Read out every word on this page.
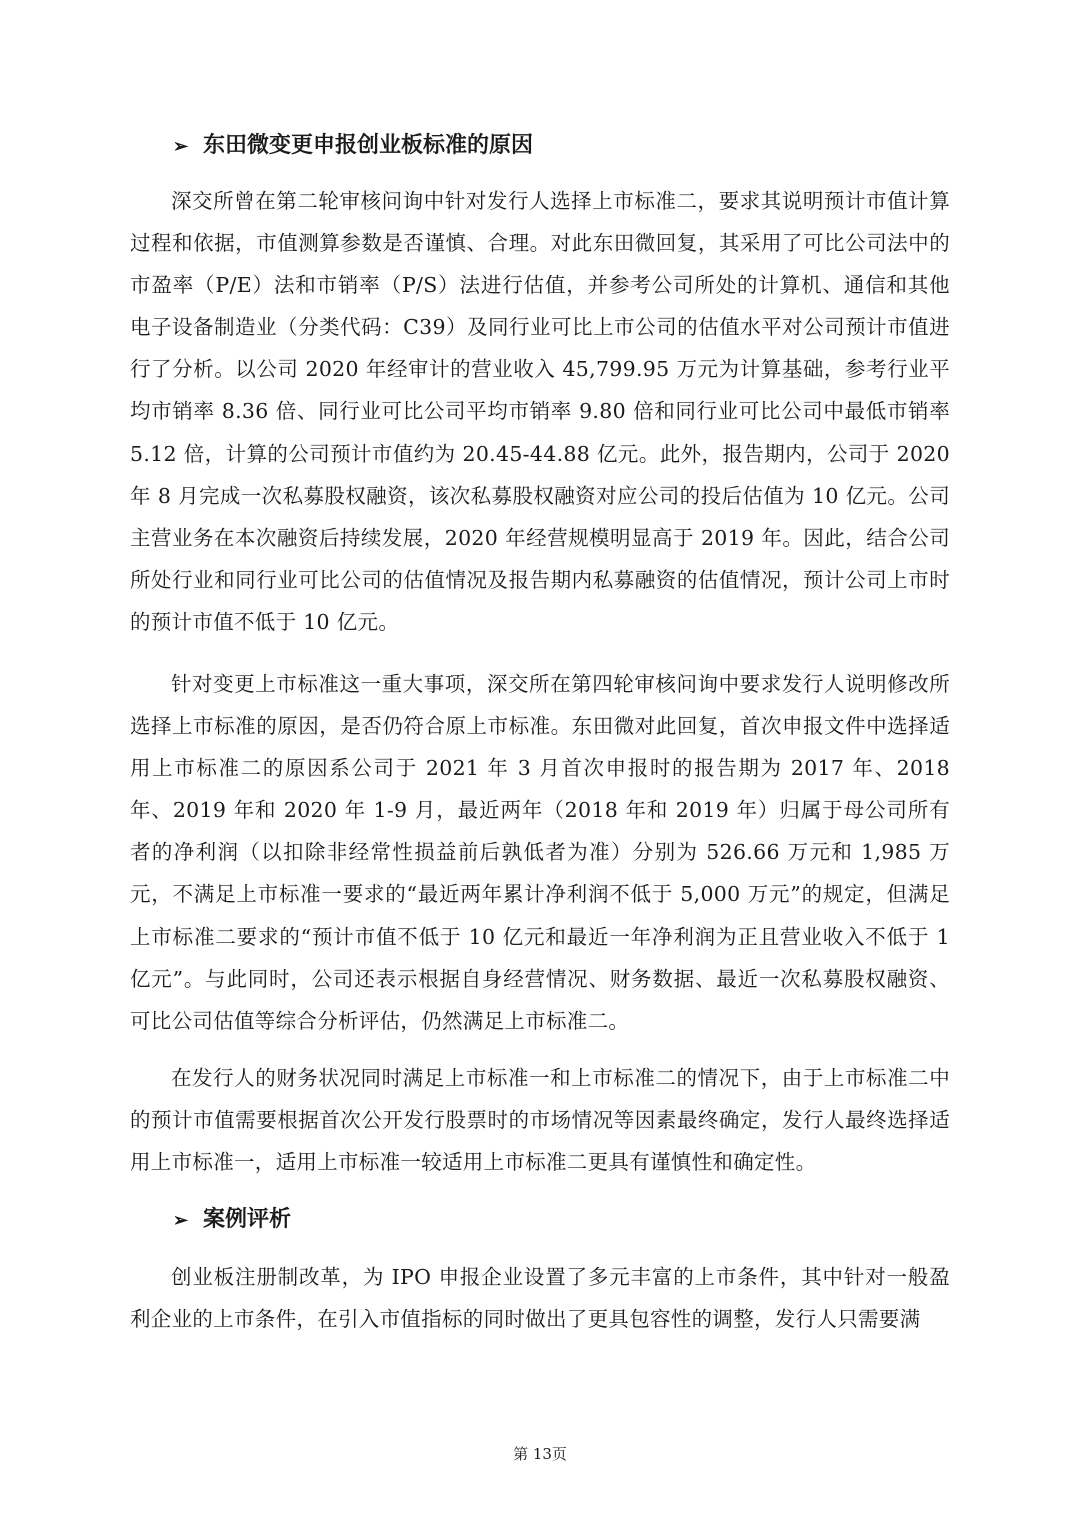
➢ 东田微变更申报创业板标准的原因

深交所曾在第二轮审核问询中针对发行人选择上市标准二，要求其说明预计市值计算过程和依据，市值测算参数是否谨慎、合理。对此东田微回复，其采用了可比公司法中的市盈率（P/E）法和市销率（P/S）法进行估值，并参考公司所处的计算机、通信和其他电子设备制造业（分类代码：C39）及同行业可比上市公司的估值水平对公司预计市值进行了分析。以公司 2020 年经审计的营业收入 45,799.95 万元为计算基础，参考行业平均市销率 8.36 倍、同行业可比公司平均市销率 9.80 倍和同行业可比公司中最低市销率 5.12 倍，计算的公司预计市值约为 20.45-44.88 亿元。此外，报告期内，公司于 2020 年 8 月完成一次私募股权融资，该次私募股权融资对应公司的投后估值为 10 亿元。公司主营业务在本次融资后持续发展，2020 年经营规模明显高于 2019 年。因此，结合公司所处行业和同行业可比公司的估值情况及报告期内私募融资的估值情况，预计公司上市时的预计市值不低于 10 亿元。

针对变更上市标准这一重大事项，深交所在第四轮审核问询中要求发行人说明修改所选择上市标准的原因，是否仍符合原上市标准。东田微对此回复，首次申报文件中选择适用上市标准二的原因系公司于 2021 年 3 月首次申报时的报告期为 2017 年、2018 年、2019 年和 2020 年 1-9 月，最近两年（2018 年和 2019 年）归属于母公司所有者的净利润（以扣除非经常性损益前后孰低者为准）分别为 526.66 万元和 1,985 万元，不满足上市标准一要求的“最近两年累计净利润不低于 5,000 万元”的规定，但满足上市标准二要求的“预计市值不低于 10 亿元和最近一年净利润为正且营业收入不低于 1 亿元”。与此同时，公司还表示根据自身经营情况、财务数据、最近一次私募股权融资、可比公司估值等综合分析评估，仍然满足上市标准二。

在发行人的财务状况同时满足上市标准一和上市标准二的情况下，由于上市标准二中的预计市值需要根据首次公开发行股票时的市场情况等因素最终确定，发行人最终选择适用上市标准一，适用上市标准一较适用上市标准二更具有谨慎性和确定性。

➢ 案例评析

创业板注册制改革，为 IPO 申报企业设置了多元丰富的上市条件，其中针对一般盈利企业的上市条件，在引入市值指标的同时做出了更具包容性的调整，发行人只需要满

第 13页
